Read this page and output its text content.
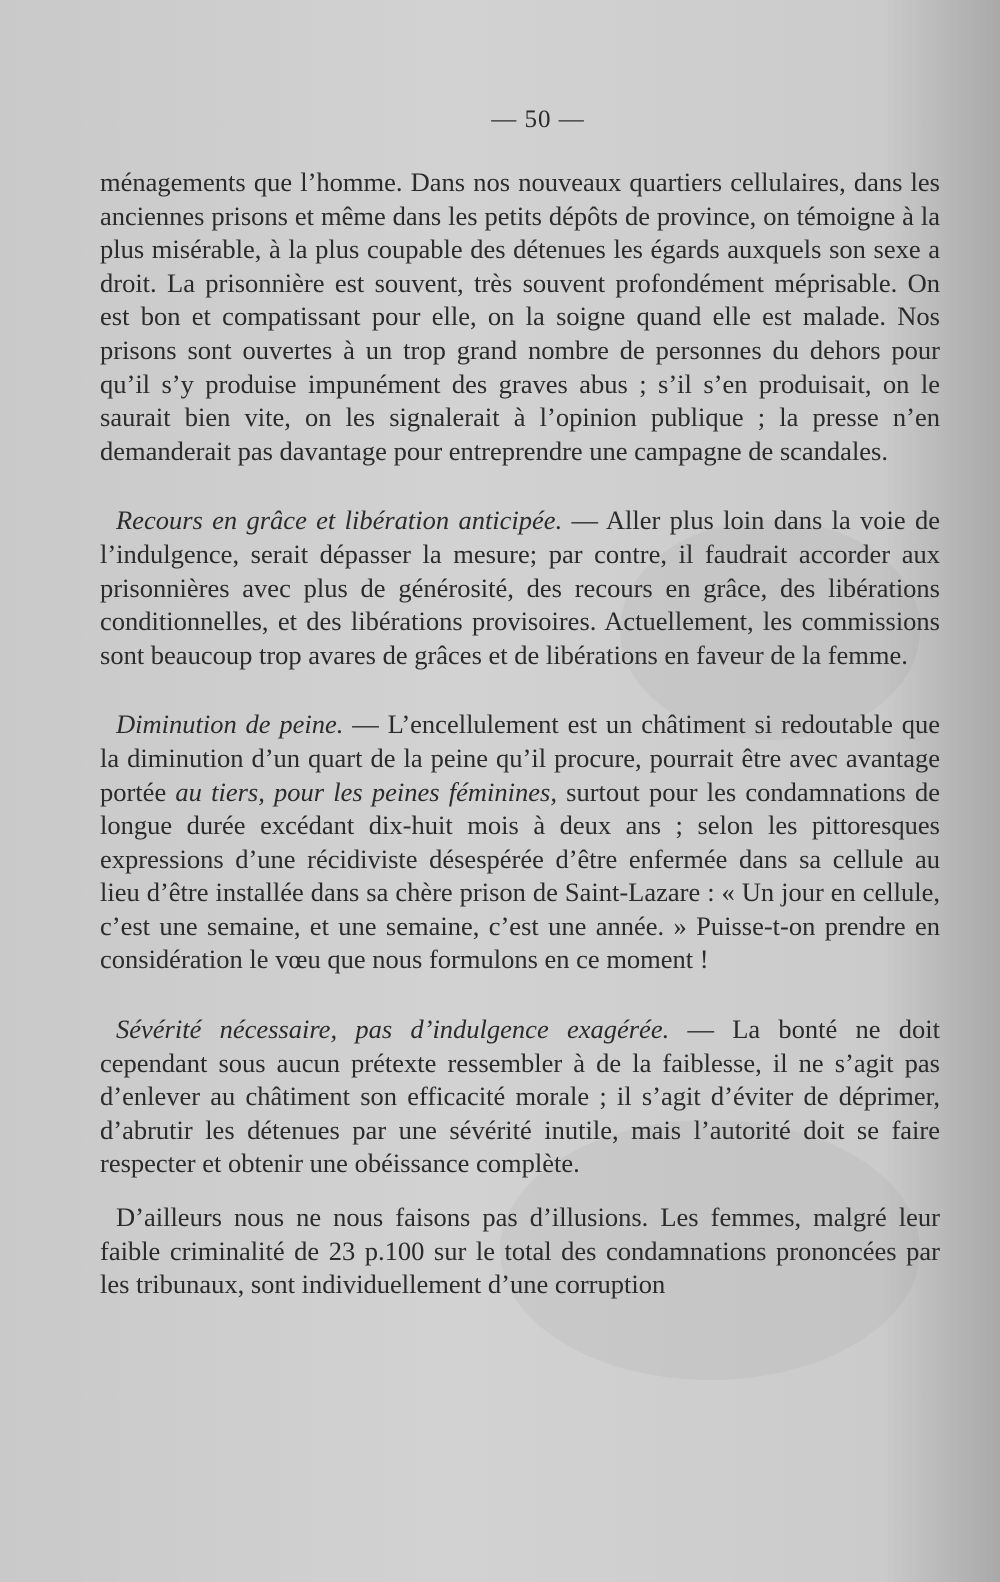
— 50 —

ménagements que l’homme. Dans nos nouveaux quartiers cellulaires, dans les anciennes prisons et même dans les petits dépôts de province, on témoigne à la plus misérable, à la plus coupable des détenues les égards auxquels son sexe a droit. La prisonnière est souvent, très souvent profondément méprisable. On est bon et compatissant pour elle, on la soigne quand elle est malade. Nos prisons sont ouvertes à un trop grand nombre de personnes du dehors pour qu’il s’y produise impunément des graves abus ; s’il s’en produisait, on le saurait bien vite, on les signalerait à l’opinion publique ; la presse n’en demanderait pas davantage pour entreprendre une campagne de scandales.

Recours en grâce et libération anticipée. — Aller plus loin dans la voie de l’indulgence, serait dépasser la mesure; par contre, il faudrait accorder aux prisonnières avec plus de générosité, des recours en grâce, des libérations conditionnelles, et des libérations provisoires. Actuellement, les commissions sont beaucoup trop avares de grâces et de libérations en faveur de la femme.

Diminution de peine. — L’encellulement est un châtiment si redoutable que la diminution d’un quart de la peine qu’il procure, pourrait être avec avantage portée au tiers, pour les peines féminines, surtout pour les condamnations de longue durée excédant dix-huit mois à deux ans ; selon les pittoresques expressions d’une récidiviste désespérée d’être enfermée dans sa cellule au lieu d’être installée dans sa chère prison de Saint-Lazare : « Un jour en cellule, c’est une semaine, et une semaine, c’est une année. » Puisse-t-on prendre en considération le vœu que nous formulons en ce moment !

Sévérité nécessaire, pas d’indulgence exagérée. — La bonté ne doit cependant sous aucun prétexte ressembler à de la faiblesse, il ne s’agit pas d’enlever au châtiment son efficacité morale ; il s’agit d’éviter de déprimer, d’abrutir les détenues par une sévérité inutile, mais l’autorité doit se faire respecter et obtenir une obéissance complète.

D’ailleurs nous ne nous faisons pas d’illusions. Les femmes, malgré leur faible criminalité de 23 p.100 sur le total des condamnations prononcées par les tribunaux, sont individuellement d’une corruption
